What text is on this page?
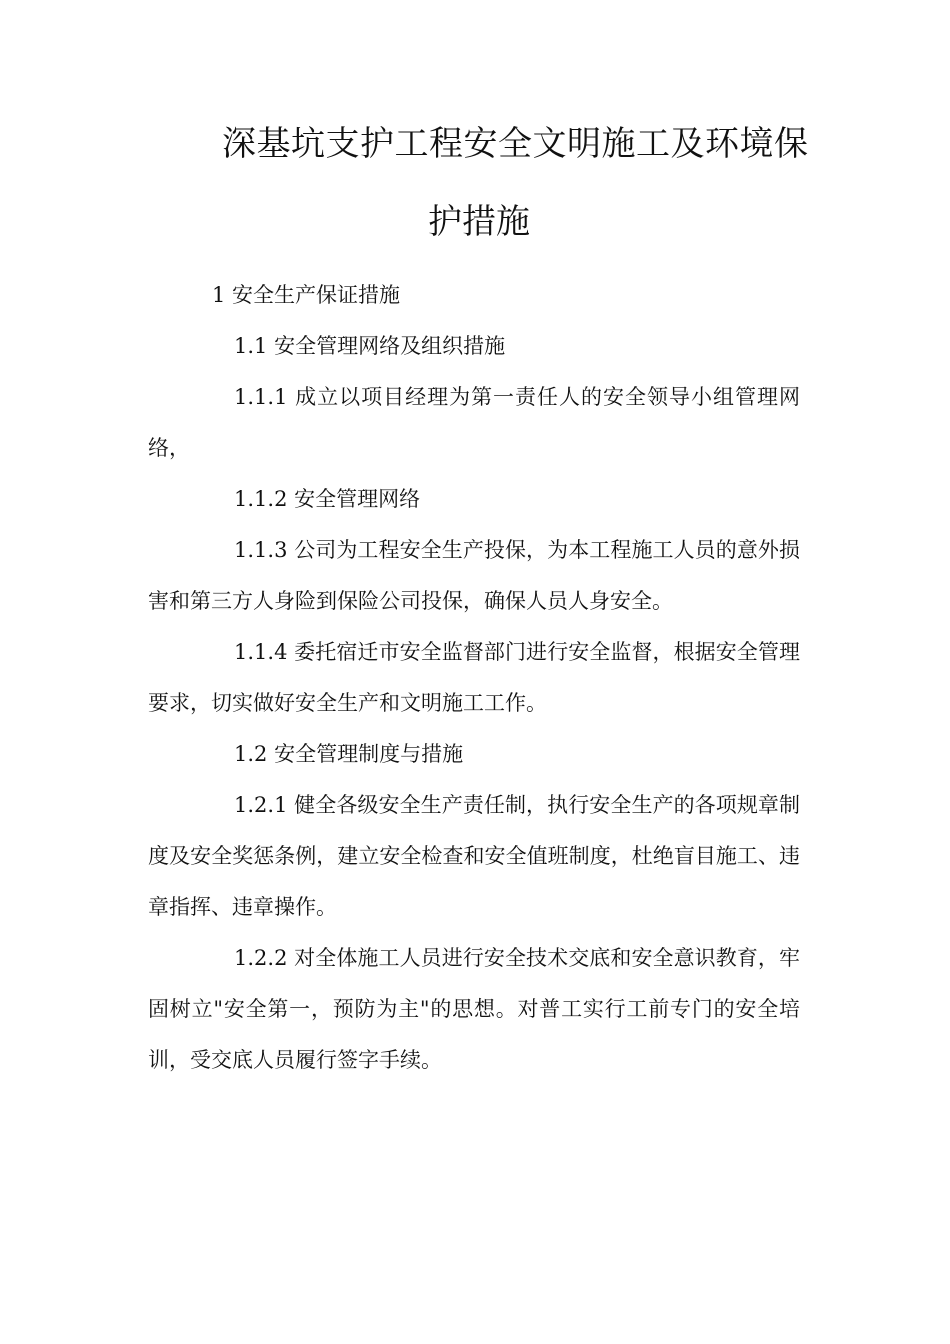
深基坑支护工程安全文明施工及环境保
护措施

1 安全生产保证措施

1.1 安全管理网络及组织措施

1.1.1 成立以项目经理为第一责任人的安全领导小组管理网络，

1.1.2 安全管理网络

1.1.3 公司为工程安全生产投保，为本工程施工人员的意外损害和第三方人身险到保险公司投保，确保人员人身安全。

1.1.4 委托宿迁市安全监督部门进行安全监督，根据安全管理要求，切实做好安全生产和文明施工工作。

1.2 安全管理制度与措施

1.2.1 健全各级安全生产责任制，执行安全生产的各项规章制度及安全奖惩条例，建立安全检查和安全值班制度，杜绝盲目施工、违章指挥、违章操作。

1.2.2 对全体施工人员进行安全技术交底和安全意识教育，牢固树立"安全第一，预防为主"的思想。对普工实行工前专门的安全培训，受交底人员履行签字手续。
